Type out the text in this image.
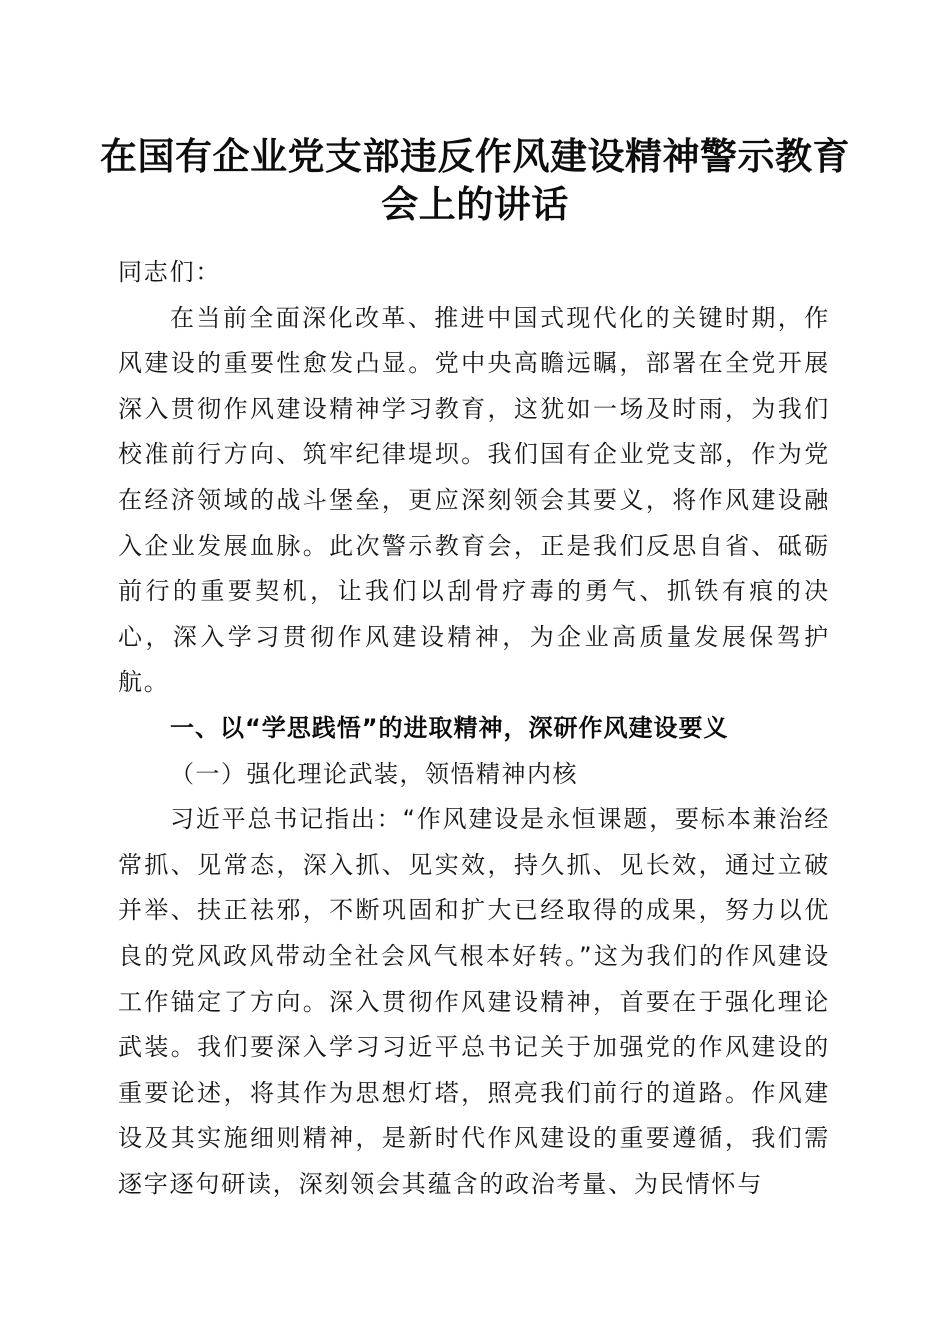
在国有企业党支部违反作风建设精神警示教育
会上的讲话

同志们：

在当前全面深化改革、推进中国式现代化的关键时期，作风建设的重要性愈发凸显。党中央高瞻远瞩，部署在全党开展深入贯彻作风建设精神学习教育，这犹如一场及时雨，为我们校准前行方向、筑牢纪律堤坝。我们国有企业党支部，作为党在经济领域的战斗堡垒，更应深刻领会其要义，将作风建设融入企业发展血脉。此次警示教育会，正是我们反思自省、砥砺前行的重要契机，让我们以刮骨疗毒的勇气、抓铁有痕的决心，深入学习贯彻作风建设精神，为企业高质量发展保驾护航。

一、以“学思践悟”的进取精神，深研作风建设要义

（一）强化理论武装，领悟精神内核

习近平总书记指出：“作风建设是永恒课题，要标本兼治经常抓、见常态，深入抓、见实效，持久抓、见长效，通过立破并举、扶正祛邪，不断巩固和扩大已经取得的成果，努力以优良的党风政风带动全社会风气根本好转。”这为我们的作风建设工作锚定了方向。深入贯彻作风建设精神，首要在于强化理论武装。我们要深入学习习近平总书记关于加强党的作风建设的重要论述，将其作为思想灯塔，照亮我们前行的道路。作风建设及其实施细则精神，是新时代作风建设的重要遵循，我们需逐字逐句研读，深刻领会其蕴含的政治考量、为民情怀与
